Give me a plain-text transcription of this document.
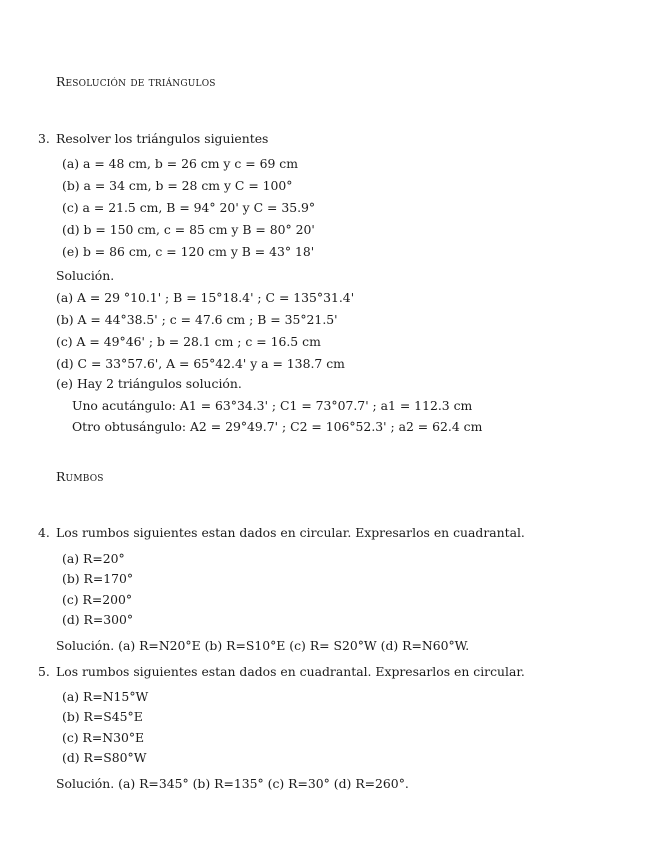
Resolución de triángulos
3. Resolver los triángulos siguientes
(a) a = 48 cm, b = 26 cm y c = 69 cm
(b) a = 34 cm, b = 28 cm y C = 100°
(c) a = 21.5 cm, B = 94° 20' y C = 35.9°
(d) b = 150 cm, c = 85 cm y B = 80° 20'
(e) b = 86 cm, c = 120 cm y B = 43° 18'
Solución.
(a) A = 29 °10.1' ; B = 15°18.4' ; C = 135°31.4'
(b) A = 44°38.5' ; c = 47.6 cm ; B = 35°21.5'
(c) A = 49°46' ; b = 28.1 cm ; c = 16.5 cm
(d) C = 33°57.6', A = 65°42.4' y a = 138.7 cm
(e) Hay 2 triángulos solución.
Uno acutángulo: A1 = 63°34.3' ; C1 = 73°07.7' ; a1 = 112.3 cm
Otro obtusángulo: A2 = 29°49.7' ; C2 = 106°52.3' ; a2 = 62.4 cm
Rumbos
4. Los rumbos siguientes estan dados en circular. Expresarlos en cuadrantal.
(a) R=20°
(b) R=170°
(c) R=200°
(d) R=300°
Solución. (a) R=N20°E (b) R=S10°E (c) R= S20°W (d) R=N60°W.
5. Los rumbos siguientes estan dados en cuadrantal. Expresarlos en circular.
(a) R=N15°W
(b) R=S45°E
(c) R=N30°E
(d) R=S80°W
Solución. (a) R=345° (b) R=135° (c) R=30° (d) R=260°.
